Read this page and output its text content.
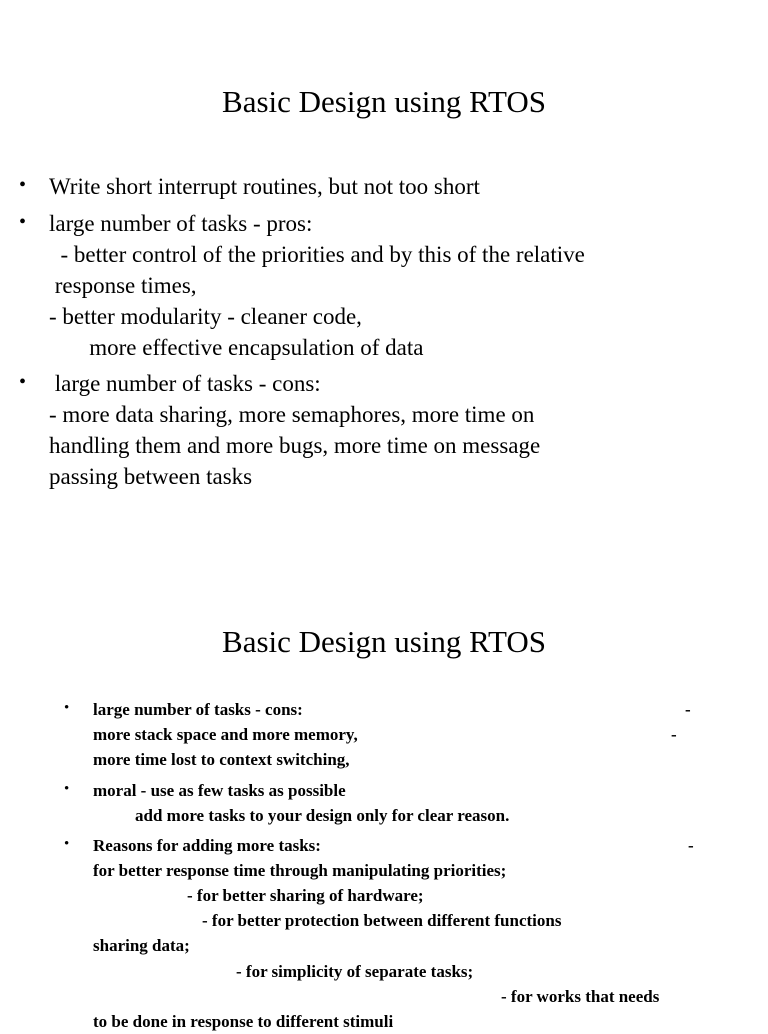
Basic Design using RTOS
• Write short interrupt routines, but not too short
• large number of tasks - pros:
- better control of the priorities and by this of the relative
response times,
- better modularity - cleaner code,
more effective encapsulation of data
• large number of tasks - cons:
- more data sharing, more semaphores, more time on
handling them and more bugs, more time on message
passing between tasks
Basic Design using RTOS
• large number of tasks - cons:	-
more stack space and more memory,	-
more time lost to context switching,
• moral - use as few tasks as possible
add more tasks to your design only for clear reason.
• Reasons for adding more tasks:	-
for better response time through manipulating priorities;
- for better sharing of hardware;
- for better protection between different functions
sharing data;
- for simplicity of separate tasks;
- for works that needs
to be done in response to different stimuli
